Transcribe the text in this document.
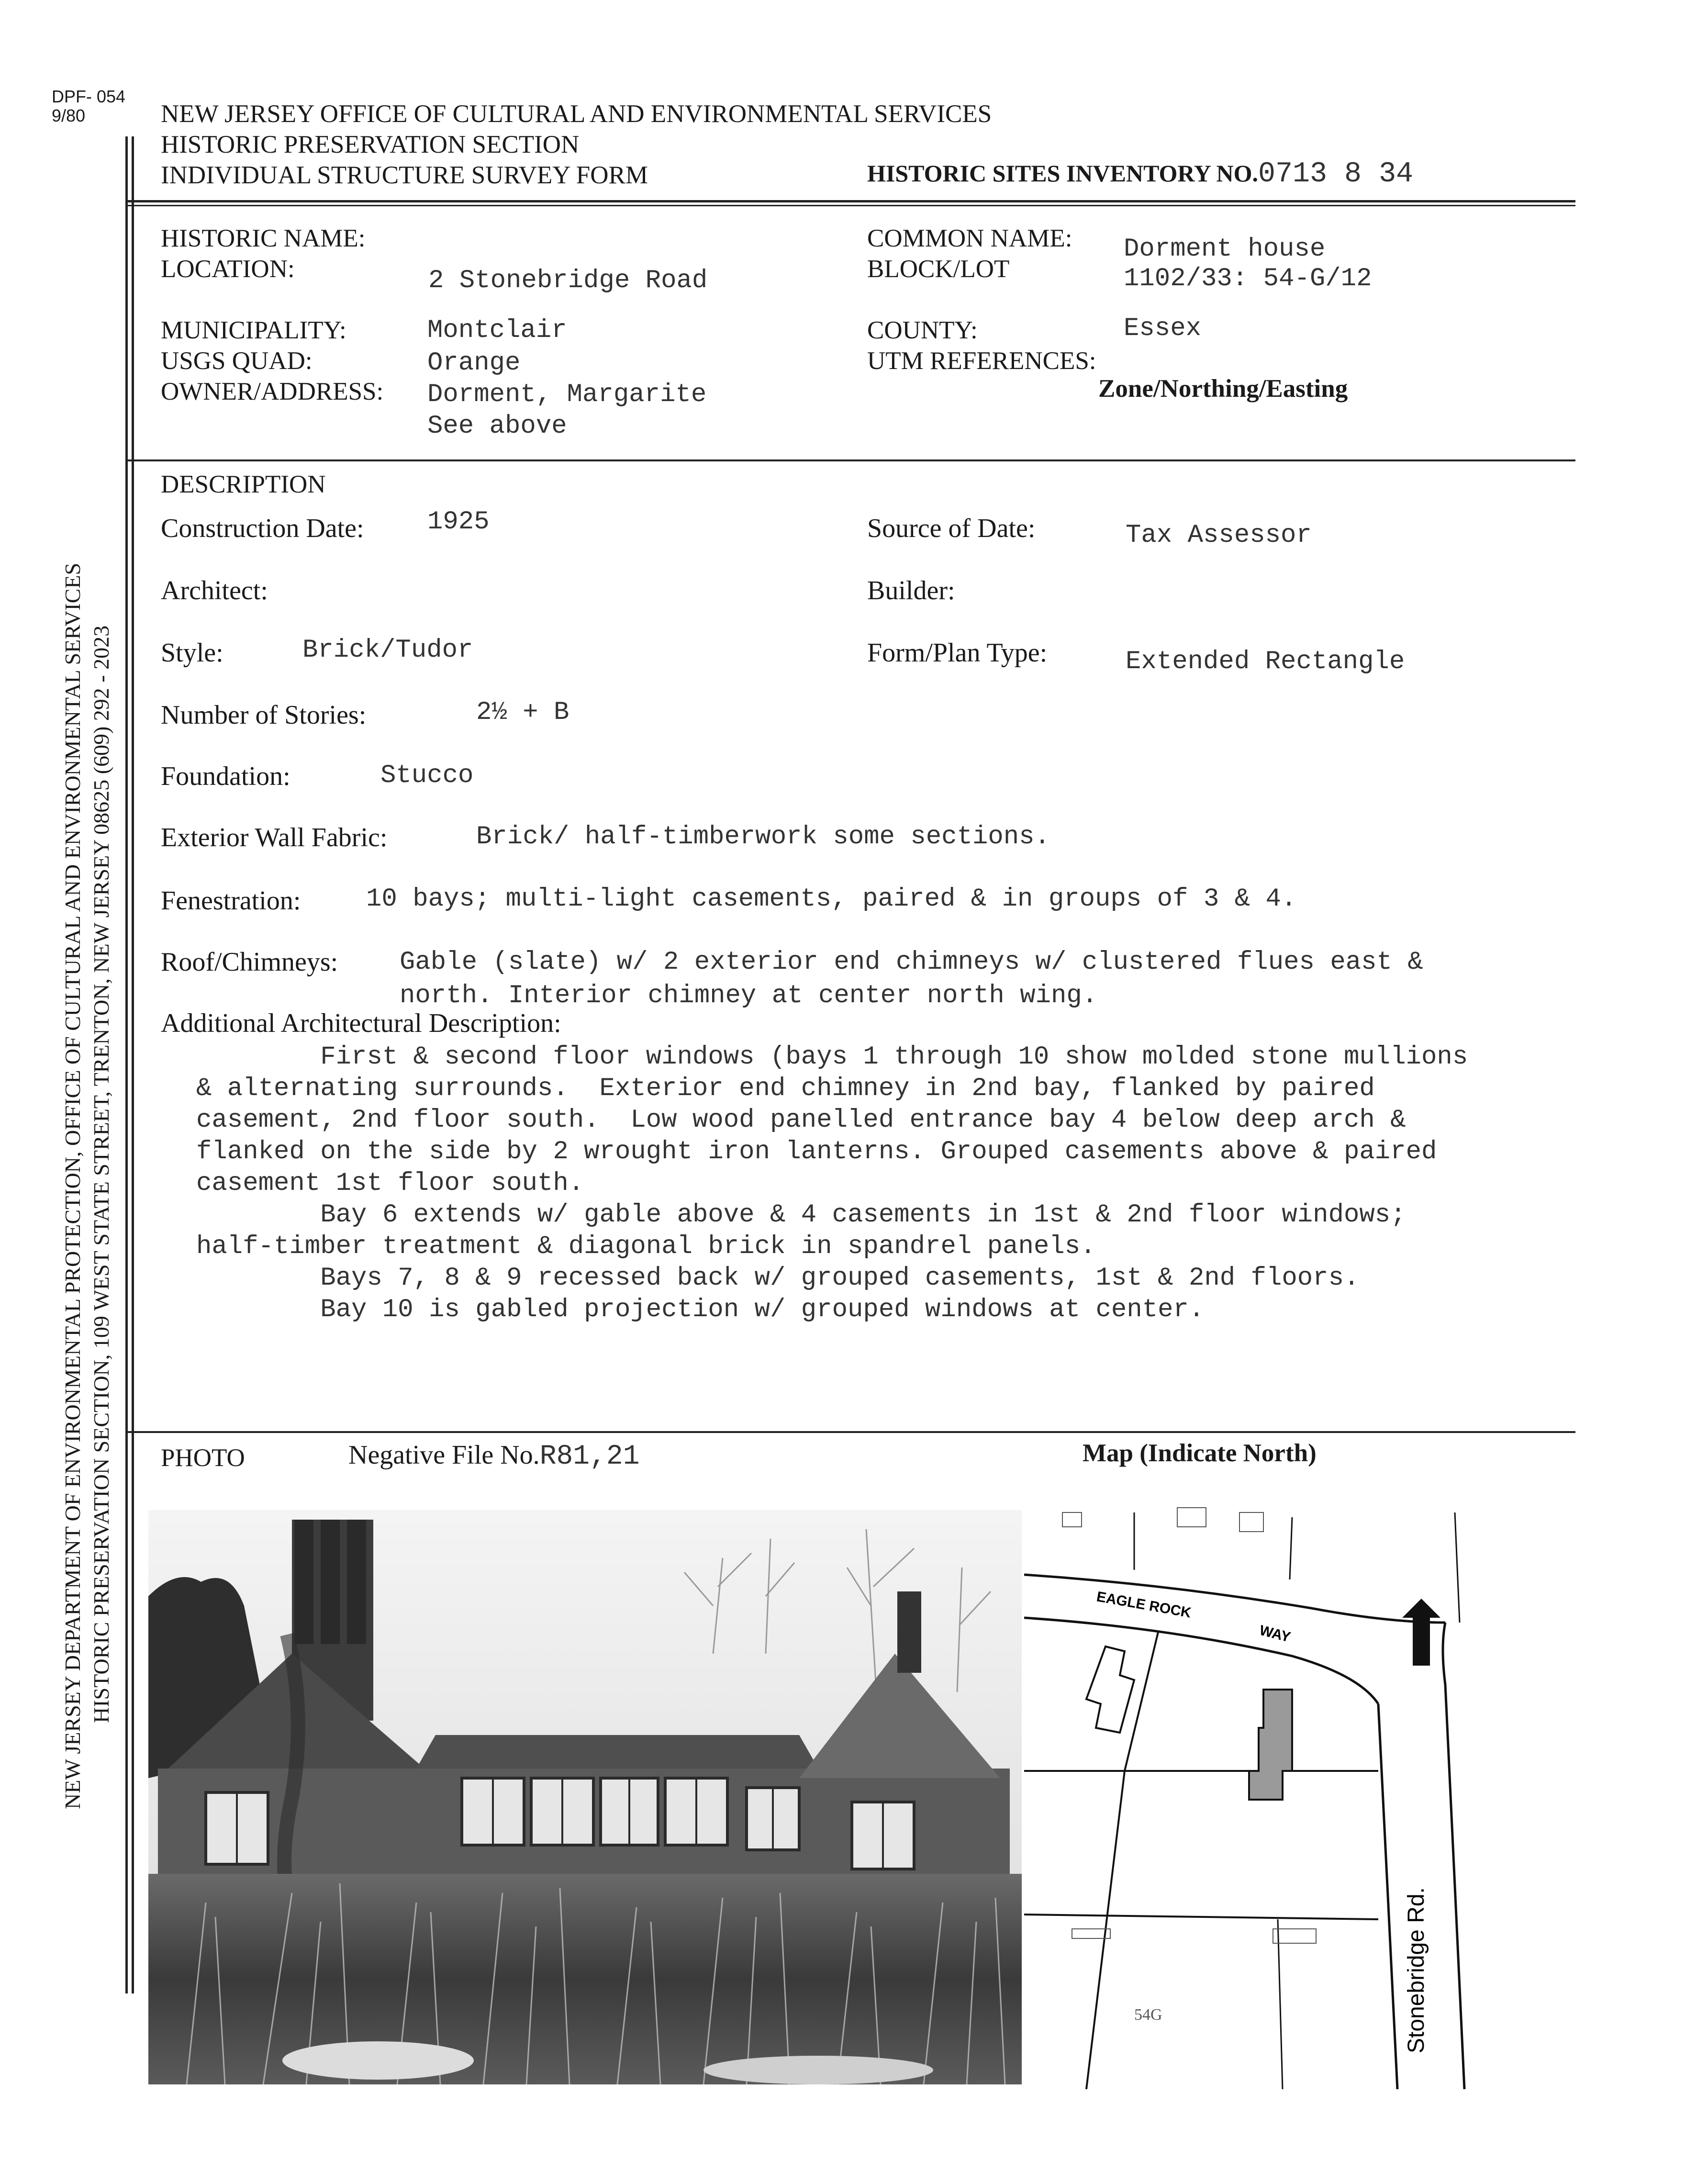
DPF- 054
9/80
NEW JERSEY DEPARTMENT OF ENVIRONMENTAL PROTECTION, OFFICE OF CULTURAL AND ENVIRONMENTAL SERVICES HISTORIC PRESERVATION SECTION, 109 WEST STATE STREET, TRENTON, NEW JERSEY 08625 (609) 292 - 2023
NEW JERSEY OFFICE OF CULTURAL AND ENVIRONMENTAL SERVICES
HISTORIC PRESERVATION SECTION
INDIVIDUAL STRUCTURE SURVEY FORM	HISTORIC SITES INVENTORY NO.0713 8 34
HISTORIC NAME:
LOCATION:	2 Stonebridge Road
MUNICIPALITY:	Montclair
USGS QUAD:	Orange
OWNER/ADDRESS: Dorment, Margarite
See above
COMMON NAME: Dorment house
BLOCK/LOT	1102/33: 54-G/12
COUNTY:	Essex
UTM REFERENCES:
Zone/Northing/Easting
DESCRIPTION
Construction Date: 1925	Source of Date:	Tax Assessor
Architect:	Builder:
Style:	Brick/Tudor	Form/Plan Type:	Extended Rectangle
Number of Stories:	2½ + B
Foundation:	Stucco
Exterior Wall Fabric:	Brick/ half-timberwork some sections.
Fenestration:	10 bays; multi-light casements, paired & in groups of 3 & 4.
Roof/Chimneys: Gable (slate) w/ 2 exterior end chimneys w/ clustered flues east &
north. Interior chimney at center north wing.
Additional Architectural Description:
First & second floor windows (bays 1 through 10 show molded stone mullions
& alternating surrounds.  Exterior end chimney in 2nd bay, flanked by paired
casement, 2nd floor south.  Low wood panelled entrance bay 4 below deep arch &
flanked on the side by 2 wrought iron lanterns. Grouped casements above & paired
casement 1st floor south.
Bay 6 extends w/ gable above & 4 casements in 1st & 2nd floor windows;
half-timber treatment & diagonal brick in spandrel panels.
Bays 7, 8 & 9 recessed back w/ grouped casements, 1st & 2nd floors.
Bay 10 is gabled projection w/ grouped windows at center.
PHOTO	Negative File No.R81,21	Map (Indicate North)
EAGLE ROCK
WAY
Stonebridge Rd.
54G
